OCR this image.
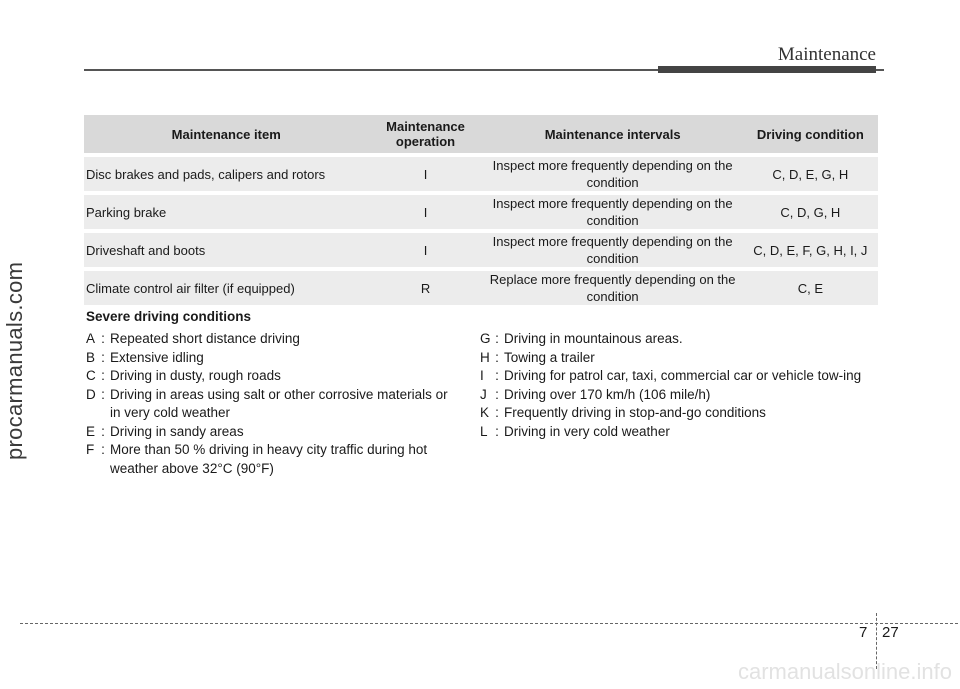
Maintenance
procarmanuals.com
Maintenance item	Maintenance operation	Maintenance intervals	Driving condition
Disc brakes and pads, calipers and rotors	I	Inspect more frequently depending on the condition	C, D, E, G, H
Parking brake	I	Inspect more frequently depending on the condition	C, D, G, H
Driveshaft and boots	I	Inspect more frequently depending on the condition	C, D, E, F, G, H, I, J
Climate control air filter (if equipped)	R	Replace more frequently depending on the condition	C, E
Severe driving conditions
A : Repeated short distance driving
B : Extensive idling
C : Driving in dusty, rough roads
D : Driving in areas using salt or other corrosive materials or in very cold weather
E : Driving in sandy areas
F : More than 50 % driving in heavy city traffic during hot weather above 32°C (90°F)
G : Driving in mountainous areas.
H : Towing a trailer
I : Driving for patrol car, taxi, commercial car or vehicle tow-ing
J : Driving over 170 km/h (106 mile/h)
K : Frequently driving in stop-and-go conditions
L : Driving in very cold weather
7 27
carmanualsonline.info
